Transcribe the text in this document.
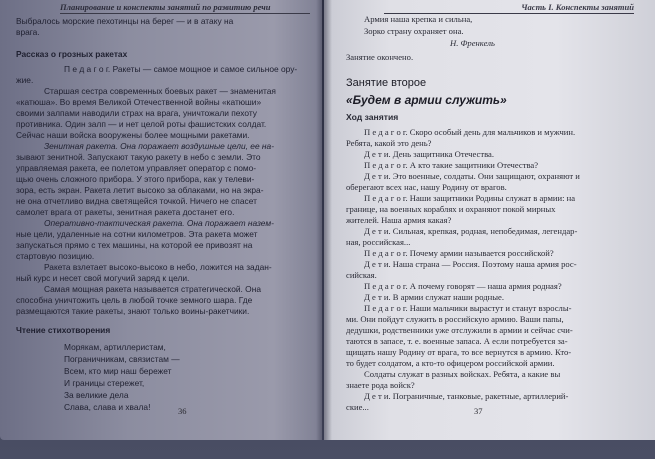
Планирование и конспекты занятий по развитию речи
Выбралось морские пехотинцы на берег — и в атаку на
врага.
Рассказ о грозных ракетах
П е д а г о г. Ракеты — самое мощное и самое сильное ору-
жие.
Старшая сестра современных боевых ракет — знаменитая
«катюша». Во время Великой Отечественной войны «катюши»
своими залпами наводили страх на врага, уничтожали пехоту
противника. Один залп — и нет целой роты фашистских солдат.
Сейчас наши войска вооружены более мощными ракетами.
Зенитная ракета. Она поражает воздушные цели, ее на-
зывают зенитной. Запускают такую ракету в небо с земли. Это
управляемая ракета, ее полетом управляет оператор с помо-
щью очень сложного прибора. У этого прибора, как у телеви-
зора, есть экран. Ракета летит высоко за облаками, но на экра-
не она отчетливо видна светящейся точкой. Ничего не спасет
самолет врага от ракеты, зенитная ракета достанет его.
Оперативно-тактическая ракета. Она поражает назем-
ные цели, удаленные на сотни километров. Эта ракета может
запускаться прямо с тех машины, на которой ее привозят на
стартовую позицию.
Ракета взлетает высоко-высоко в небо, ложится на задан-
ный курс и несет свой могучий заряд к цели.
Самая мощная ракета называется стратегической. Она
способна уничтожить цель в любой точке земного шара. Где
размещаются такие ракеты, знают только воины-ракетчики.
Чтение стихотворения
Морякам, артиллеристам,
Пограничникам, связистам —
Всем, кто мир наш бережет
И границы стережет,
За великие дела
Слава, слава и хвала!	36
Часть I. Конспекты занятий
Занятие второе
«Будем в армии служить»
Армия наша крепка и сильна,
Зорко страну охраняет она.
Н. Френкель
Занятие окончено.
Ход занятия
П е д а г о г. Скоро особый день для мальчиков и мужчин.
Ребята, какой это день?
Д е т и. День защитника Отечества.
П е д а г о г. А кто такие защитники Отечества?
Д е т и. Это военные, солдаты. Они защищают, охраняют и
оберегают всех нас, нашу Родину от врагов.
П е д а г о г. Наши защитники Родины служат в армии: на
границе, на военных кораблях и охраняют покой мирных
жителей. Наша армия какая?
Д е т и. Сильная, крепкая, родная, непобедимая, легендар-
ная, российская...
П е д а г о г. Почему армии называется российской?
Д е т и. Наша страна — Россия. Поэтому наша армия рос-
сийская.
П е д а г о г. А почему говорят — наша армия родная?
Д е т и. В армии служат наши родные.
П е д а г о г. Наши мальчики вырастут и станут взрослы-
ми. Они пойдут служить в российскую армию. Ваши папы,
дедушки, родственники уже отслужили в армии и сейчас счи-
таются в запасе, т. е. военные запаса. А если потребуется за-
щищать нашу Родину от врага, то все вернутся в армию. Кто-
то будет солдатом, а кто-то офицером российской армии.
Солдаты служат в разных войсках. Ребята, а какие вы
знаете рода войск?
Д е т и. Пограничные, танковые, ракетные, артиллерий-
ские...	37
